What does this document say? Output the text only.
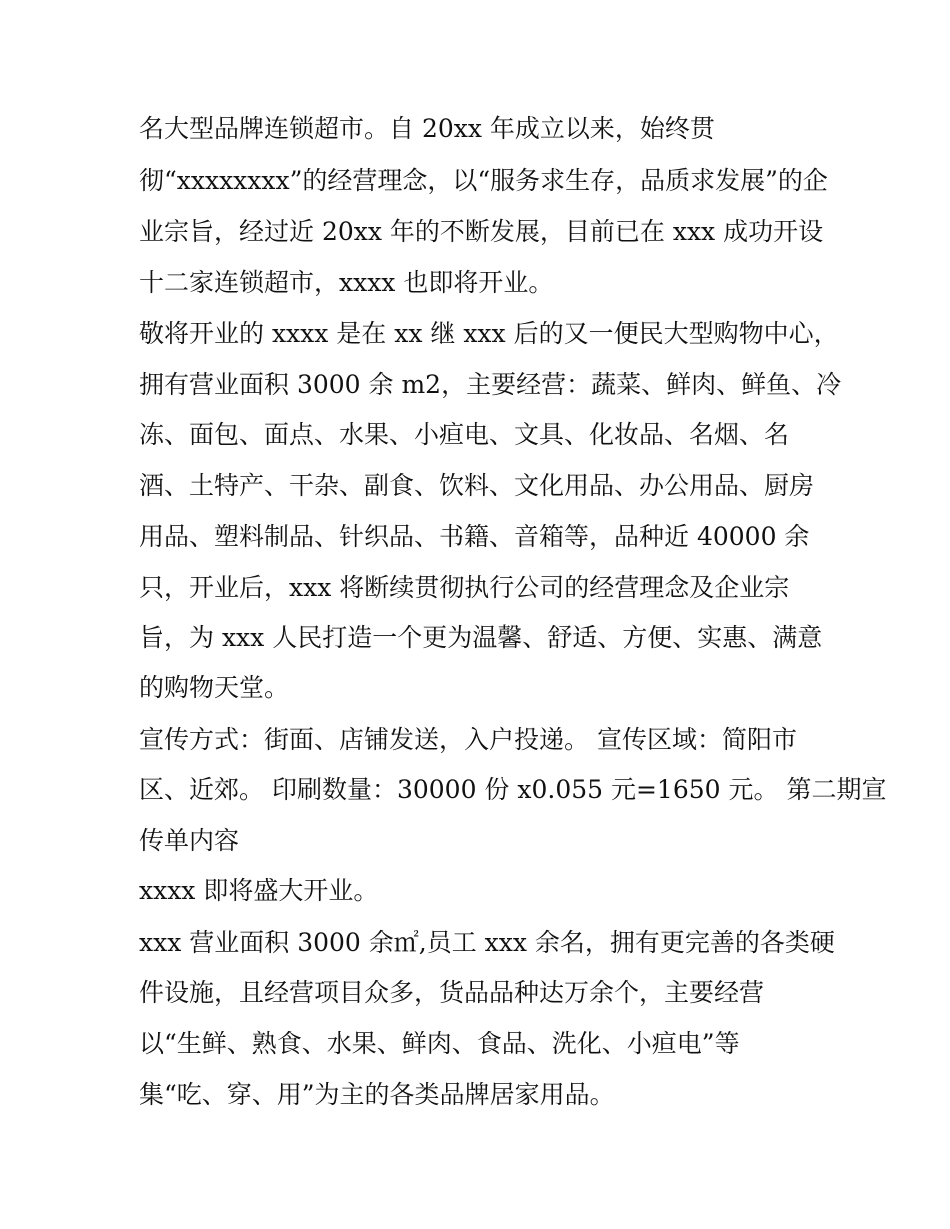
名大型品牌连锁超市。自 20xx 年成立以来，始终贯
彻“xxxxxxxx”的经营理念，以“服务求生存，品质求发展”的企
业宗旨，经过近 20xx 年的不断发展，目前已在 xxx 成功开设
十二家连锁超市，xxxx 也即将开业。
敬将开业的 xxxx 是在 xx 继 xxx 后的又一便民大型购物中心，
拥有营业面积 3000 余 m2，主要经营：蔬菜、鲜肉、鲜鱼、冷
冻、面包、面点、水果、小疸电、文具、化妆品、名烟、名
酒、土特产、干杂、副食、饮料、文化用品、办公用品、厨房
用品、塑料制品、针织品、书籍、音箱等，品种近 40000 余
只，开业后，xxx 将断续贯彻执行公司的经营理念及企业宗
旨，为 xxx 人民打造一个更为温馨、舒适、方便、实惠、满意
的购物天堂。
宣传方式：街面、店铺发送，入户投递。 宣传区域：简阳市
区、近郊。 印刷数量：30000 份 x0.055 元=1650 元。 第二期宣
传单内容
xxxx 即将盛大开业。
xxx 营业面积 3000 余㎡,员工 xxx 余名，拥有更完善的各类硬
件设施，且经营项目众多，货品品种达万余个，主要经营
以“生鲜、熟食、水果、鲜肉、食品、洗化、小疸电”等
集“吃、穿、用”为主的各类品牌居家用品。
